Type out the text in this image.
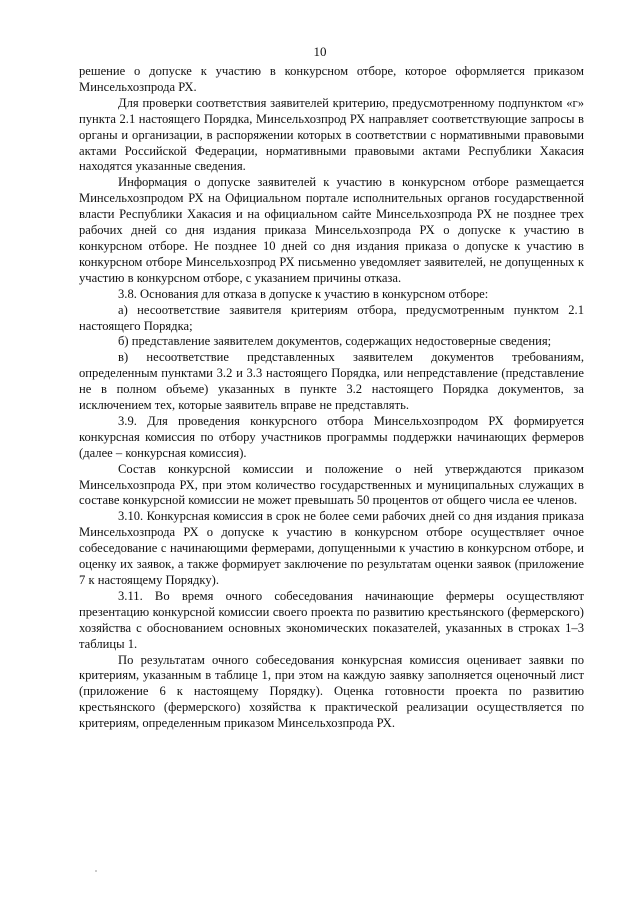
10

решение о допуске к участию в конкурсном отборе, которое оформляется приказом Минсельхозпрода РХ.

Для проверки соответствия заявителей критерию, предусмотренному подпунктом «г» пункта 2.1 настоящего Порядка, Минсельхозпрод РХ направляет соответствующие запросы в органы и организации, в распоряжении которых в соответствии с нормативными правовыми актами Российской Федерации, нормативными правовыми актами Республики Хакасия находятся указанные сведения.

Информация о допуске заявителей к участию в конкурсном отборе размещается Минсельхозпродом РХ на Официальном портале исполнительных органов государственной власти Республики Хакасия и на официальном сайте Минсельхозпрода РХ не позднее трех рабочих дней со дня издания приказа Минсельхозпрода РХ о допуске к участию в конкурсном отборе. Не позднее 10 дней со дня издания приказа о допуске к участию в конкурсном отборе Минсельхозпрод РХ письменно уведомляет заявителей, не допущенных к участию в конкурсном отборе, с указанием причины отказа.

3.8. Основания для отказа в допуске к участию в конкурсном отборе:

а) несоответствие заявителя критериям отбора, предусмотренным пунктом 2.1 настоящего Порядка;

б) представление заявителем документов, содержащих недостоверные сведения;

в) несоответствие представленных заявителем документов требованиям, определенным пунктами 3.2 и 3.3 настоящего Порядка, или непредставление (представление не в полном объеме) указанных в пункте 3.2 настоящего Порядка документов, за исключением тех, которые заявитель вправе не представлять.

3.9. Для проведения конкурсного отбора Минсельхозпродом РХ формируется конкурсная комиссия по отбору участников программы поддержки начинающих фермеров (далее – конкурсная комиссия).

Состав конкурсной комиссии и положение о ней утверждаются приказом Минсельхозпрода РХ, при этом количество государственных и муниципальных служащих в составе конкурсной комиссии не может превышать 50 процентов от общего числа ее членов.

3.10. Конкурсная комиссия в срок не более семи рабочих дней со дня издания приказа Минсельхозпрода РХ о допуске к участию в конкурсном отборе осуществляет очное собеседование с начинающими фермерами, допущенными к участию в конкурсном отборе, и оценку их заявок, а также формирует заключение по результатам оценки заявок (приложение 7 к настоящему Порядку).

3.11. Во время очного собеседования начинающие фермеры осуществляют презентацию конкурсной комиссии своего проекта по развитию крестьянского (фермерского) хозяйства с обоснованием основных экономических показателей, указанных в строках 1–3 таблицы 1.

По результатам очного собеседования конкурсная комиссия оценивает заявки по критериям, указанным в таблице 1, при этом на каждую заявку заполняется оценочный лист (приложение 6 к настоящему Порядку). Оценка готовности проекта по развитию крестьянского (фермерского) хозяйства к практической реализации осуществляется по критериям, определенным приказом Минсельхозпрода РХ.
